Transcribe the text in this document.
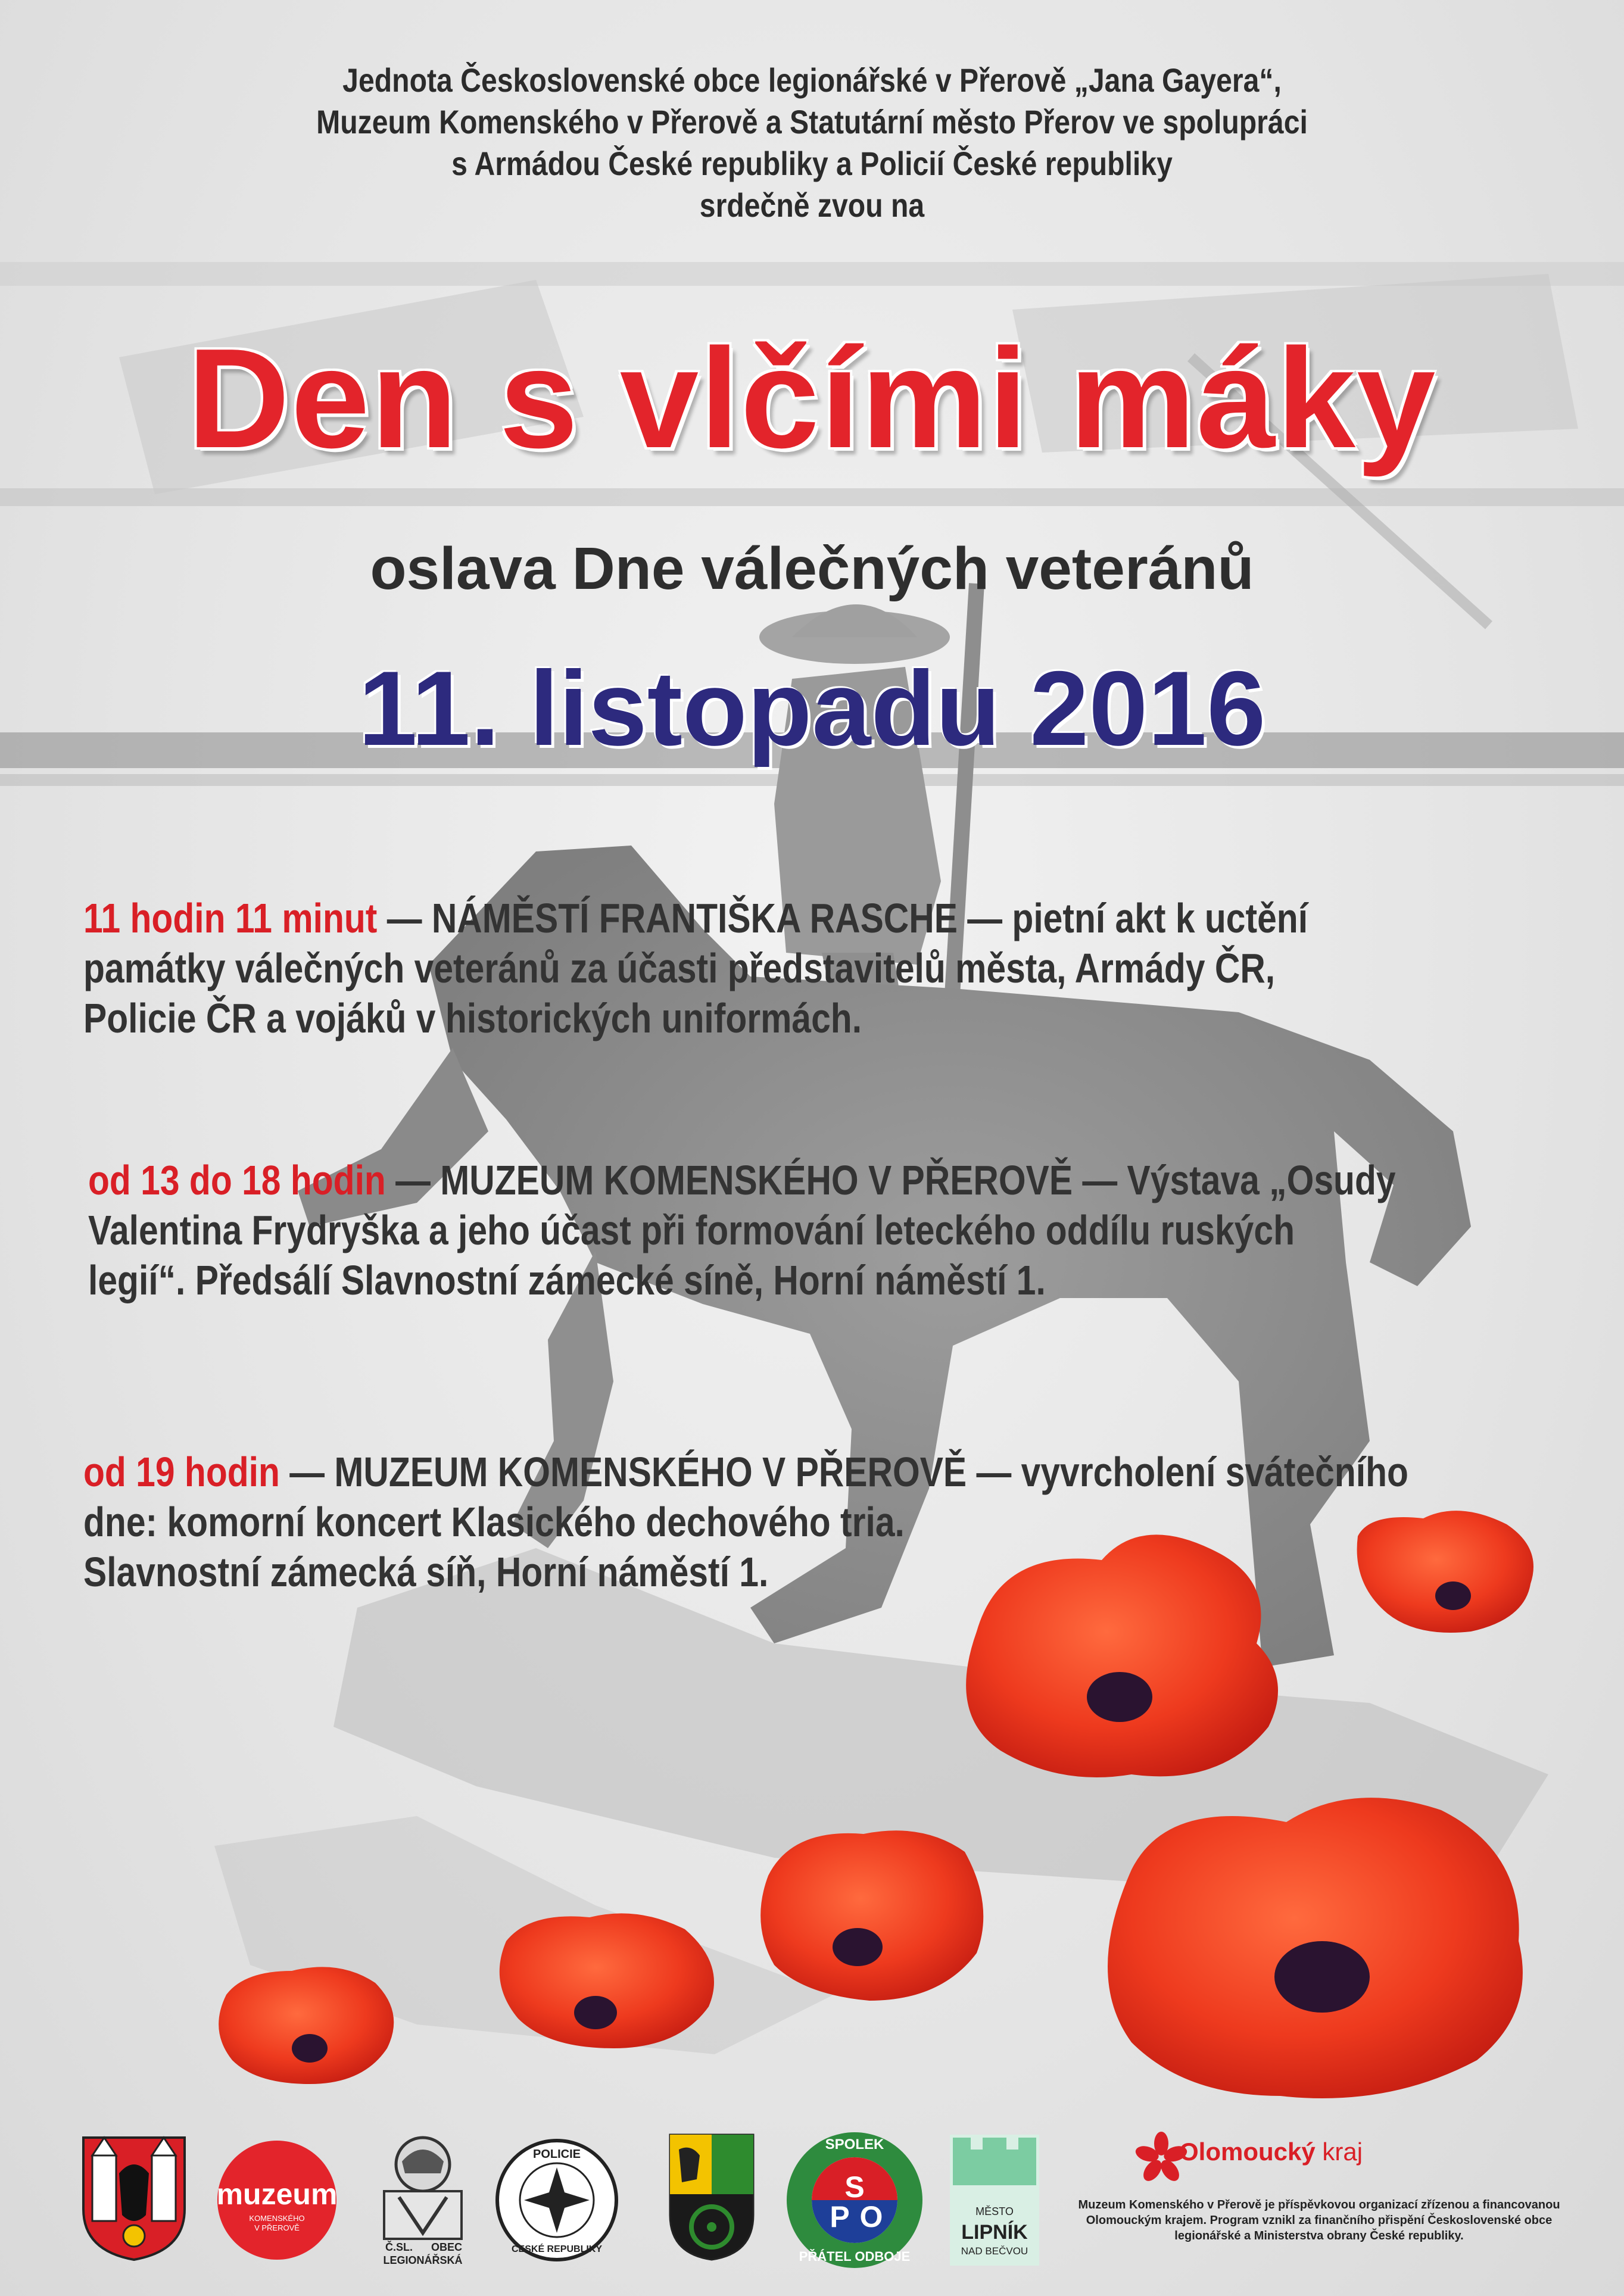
Jednota Československé obce legionářské v Přerově „Jana Gayera“,
Muzeum Komenského v Přerově a Statutární město Přerov ve spolupráci
s Armádou České republiky a Policií České republiky
srdečně zvou na
Den s vlčími máky
oslava Dne válečných veteránů
11. listopadu 2016
11 hodin 11 minut — NÁMĚSTÍ FRANTIŠKA RASCHE — pietní akt k uctění
památky válečných veteránů za účasti představitelů města, Armády ČR,
Policie ČR a vojáků v historických uniformách.
od 13 do 18 hodin — MUZEUM KOMENSKÉHO V PŘEROVĚ — Výstava „Osudy
Valentina Frydryška a jeho účast při formování leteckého oddílu ruských
legií“. Předsálí Slavnostní zámecké síně, Horní náměstí 1.
od 19 hodin — MUZEUM KOMENSKÉHO V PŘEROVĚ — vyvrcholení svátečního
dne: komorní koncert Klasického dechového tria.
Slavnostní zámecká síň, Horní náměstí 1.
muzeum
KOMENSKÉHO
V PŘEROVĚ
Č.SL. OBEC
LEGIONÁŘSKÁ
POLICIE
ČESKÉ REPUBLIKY
S
P O
SPOLEK
PŘÁTEL ODBOJE
MĚSTO
LIPNÍK
NAD BEČVOU
Olomoucký kraj
Muzeum Komenského v Přerově je příspěvkovou organizací zřízenou a financovanou Olomouckým krajem. Program vznikl za finančního přispění Československé obce legionářské a Ministerstva obrany České republiky.
